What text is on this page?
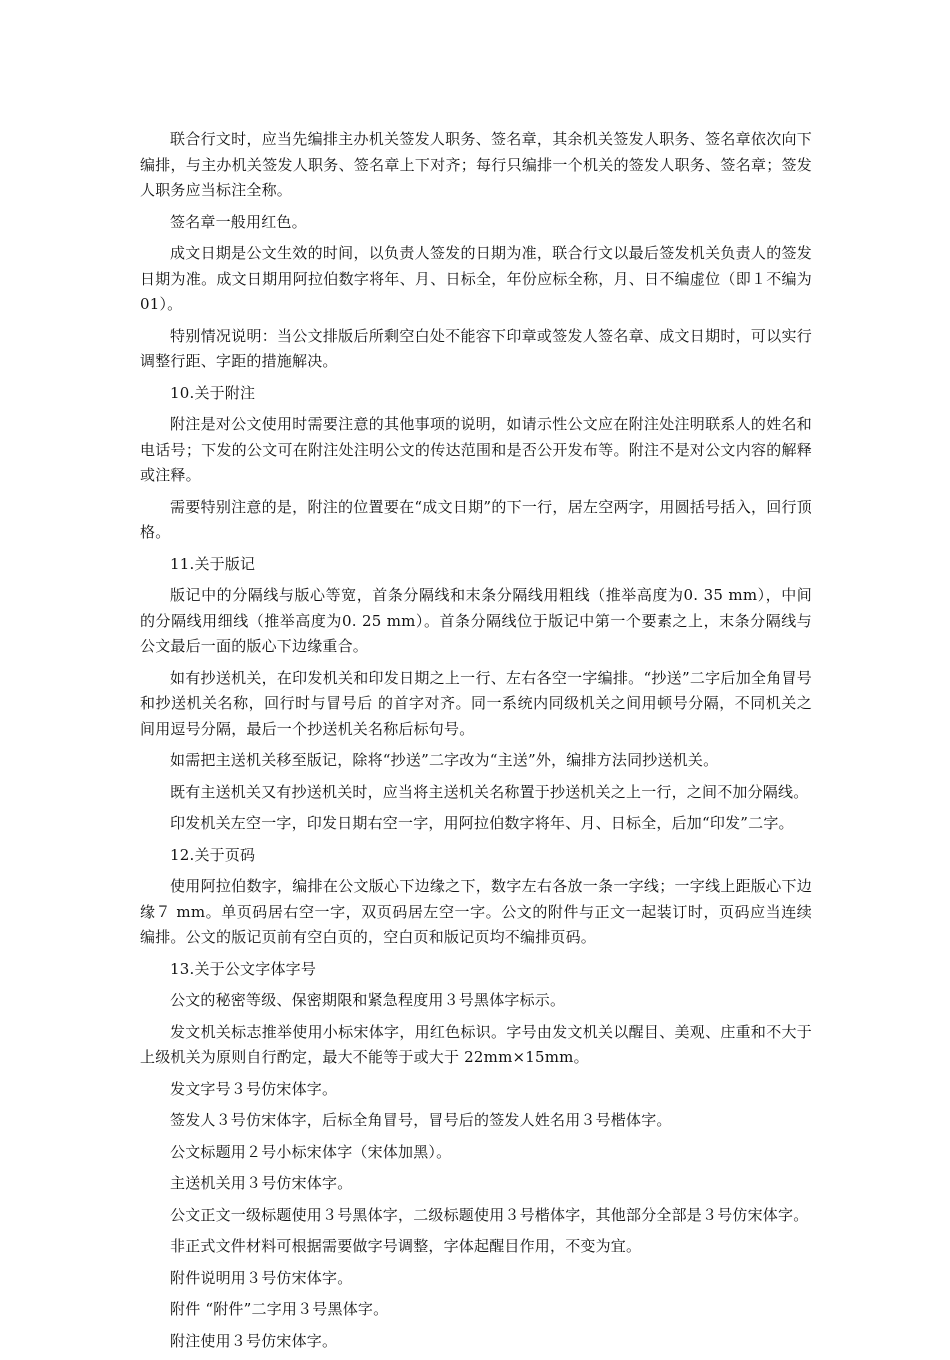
联合行文时，应当先编排主办机关签发人职务、签名章，其余机关签发人职务、签名章依次向下编排，与主办机关签发人职务、签名章上下对齐；每行只编排一个机关的签发人职务、签名章；签发人职务应当标注全称。

签名章一般用红色。

成文日期是公文生效的时间，以负责人签发的日期为准，联合行文以最后签发机关负责人的签发日期为准。成文日期用阿拉伯数字将年、月、日标全，年份应标全称，月、日不编虚位（即１不编为01）。

特别情况说明：当公文排版后所剩空白处不能容下印章或签发人签名章、成文日期时，可以实行调整行距、字距的措施解决。

10.关于附注

附注是对公文使用时需要注意的其他事项的说明，如请示性公文应在附注处注明联系人的姓名和电话号；下发的公文可在附注处注明公文的传达范围和是否公开发布等。附注不是对公文内容的解释或注释。

需要特别注意的是，附注的位置要在“成文日期”的下一行，居左空两字，用圆括号括入，回行顶格。

11.关于版记

版记中的分隔线与版心等宽，首条分隔线和末条分隔线用粗线（推举高度为0. 35 mm），中间的分隔线用细线（推举高度为0. 25 mm）。首条分隔线位于版记中第一个要素之上，末条分隔线与公文最后一面的版心下边缘重合。

如有抄送机关，在印发机关和印发日期之上一行、左右各空一字编排。“抄送”二字后加全角冒号和抄送机关名称，回行时与冒号后 的首字对齐。同一系统内同级机关之间用顿号分隔，不同机关之间用逗号分隔，最后一个抄送机关名称后标句号。

如需把主送机关移至版记，除将“抄送”二字改为“主送”外，编排方法同抄送机关。

既有主送机关又有抄送机关时，应当将主送机关名称置于抄送机关之上一行，之间不加分隔线。

印发机关左空一字，印发日期右空一字，用阿拉伯数字将年、月、日标全，后加“印发”二字。

12.关于页码

使用阿拉伯数字，编排在公文版心下边缘之下，数字左右各放一条一字线；一字线上距版心下边缘７ mm。单页码居右空一字，双页码居左空一字。公文的附件与正文一起装订时，页码应当连续编排。公文的版记页前有空白页的，空白页和版记页均不编排页码。

13.关于公文字体字号

公文的秘密等级、保密期限和紧急程度用３号黑体字标示。

发文机关标志推举使用小标宋体字，用红色标识。字号由发文机关以醒目、美观、庄重和不大于上级机关为原则自行酌定，最大不能等于或大于 22mm×15mm。

发文字号３号仿宋体字。

签发人３号仿宋体字，后标全角冒号，冒号后的签发人姓名用３号楷体字。

公文标题用２号小标宋体字（宋体加黑）。

主送机关用３号仿宋体字。

公文正文一级标题使用３号黑体字，二级标题使用３号楷体字，其他部分全部是３号仿宋体字。

非正式文件材料可根据需要做字号调整，字体起醒目作用，不变为宜。

附件说明用３号仿宋体字。

附件 “附件”二字用３号黑体字。

附注使用３号仿宋体字。
